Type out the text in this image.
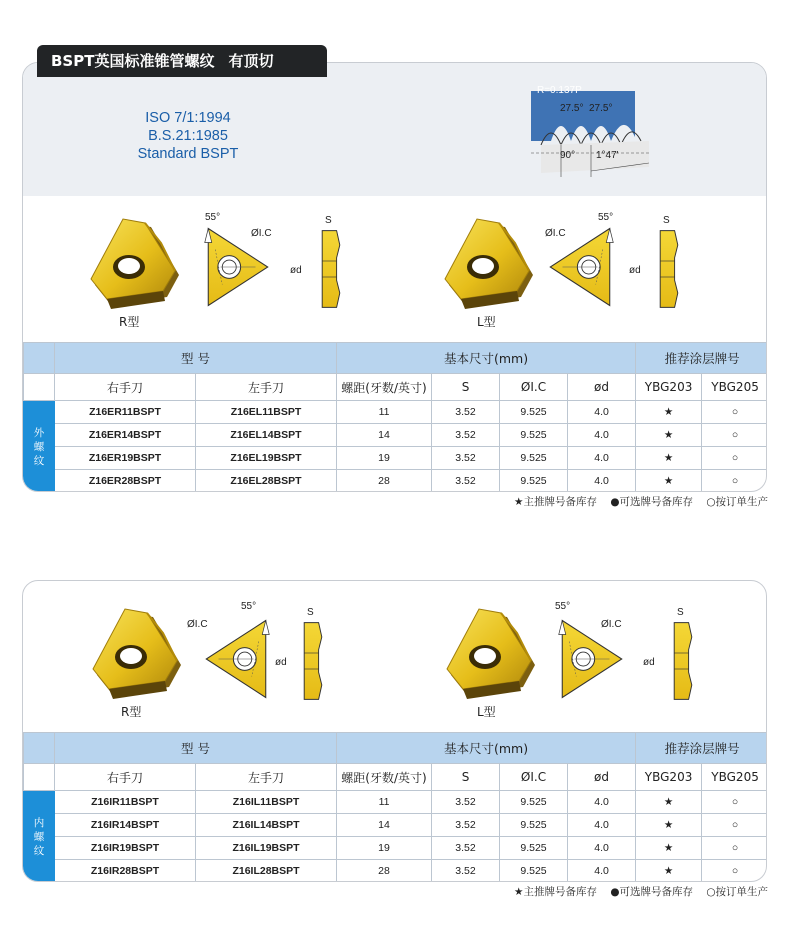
BSPT英国标准锥管螺纹 有顶切
ISO 7/1:1994
B.S.21:1985
Standard BSPT
R=0.137P
27.5° 27.5°
90° 1°47'
R型
55°
ØI.C
S
ød
L型
55°
ØI.C
S
ød
	型 号		基本尺寸(mm)				推荐涂层牌号	
	右手刀	左手刀	螺距(牙数/英寸)	S	ØI.C	ød	YBG203	YBG205
外
螺
纹	Z16ER11BSPT	Z16EL11BSPT	11	3.52	9.525	4.0	★	○
	Z16ER14BSPT	Z16EL14BSPT	14	3.52	9.525	4.0	★	○
	Z16ER19BSPT	Z16EL19BSPT	19	3.52	9.525	4.0	★	○
	Z16ER28BSPT	Z16EL28BSPT	28	3.52	9.525	4.0	★	○
★主推牌号备库存 ●可选牌号备库存 ○按订单生产
R型
55°
ØI.C
S
ød
L型
55°
ØI.C
S
ød
	型 号		基本尺寸(mm)				推荐涂层牌号	
	右手刀	左手刀	螺距(牙数/英寸)	S	ØI.C	ød	YBG203	YBG205
内
螺
纹	Z16IR11BSPT	Z16IL11BSPT	11	3.52	9.525	4.0	★	○
	Z16IR14BSPT	Z16IL14BSPT	14	3.52	9.525	4.0	★	○
	Z16IR19BSPT	Z16IL19BSPT	19	3.52	9.525	4.0	★	○
	Z16IR28BSPT	Z16IL28BSPT	28	3.52	9.525	4.0	★	○
★主推牌号备库存 ●可选牌号备库存 ○按订单生产
